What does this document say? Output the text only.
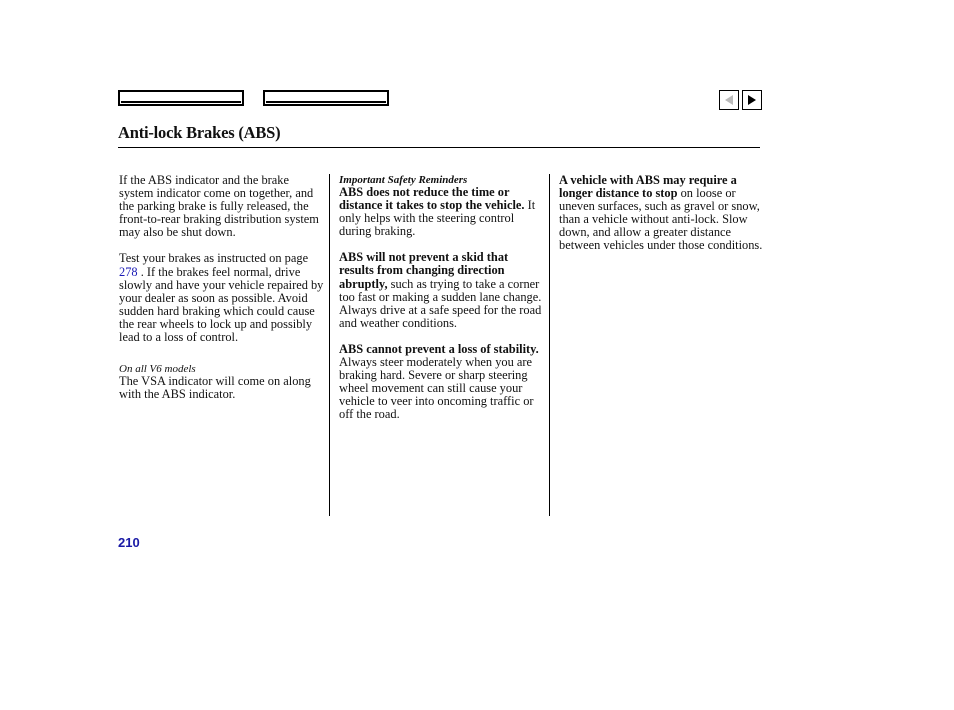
Anti-lock Brakes (ABS)

If the ABS indicator and the brake system indicator come on together, and the parking brake is fully released, the front-to-rear braking distribution system may also be shut down.

Test your brakes as instructed on page 278 . If the brakes feel normal, drive slowly and have your vehicle repaired by your dealer as soon as possible. Avoid sudden hard braking which could cause the rear wheels to lock up and possibly lead to a loss of control.

On all V6 models
The VSA indicator will come on along with the ABS indicator.
Important Safety Reminders

ABS does not reduce the time or distance it takes to stop the vehicle. It only helps with the steering control during braking.

ABS will not prevent a skid that results from changing direction abruptly, such as trying to take a corner too fast or making a sudden lane change. Always drive at a safe speed for the road and weather conditions.

ABS cannot prevent a loss of stability. Always steer moderately when you are braking hard. Severe or sharp steering wheel movement can still cause your vehicle to veer into oncoming traffic or off the road.

A vehicle with ABS may require a longer distance to stop on loose or uneven surfaces, such as gravel or snow, than a vehicle without anti-lock. Slow down, and allow a greater distance between vehicles under those conditions.

210
